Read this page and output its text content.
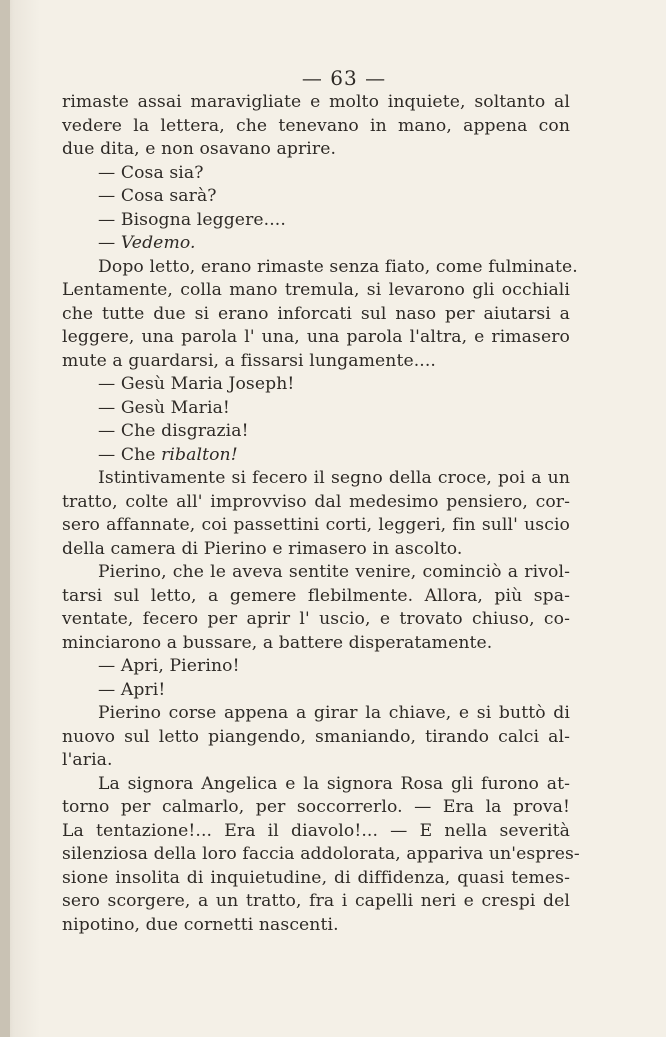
— 63 —
rimaste assai maravigliate e molto inquiete, soltanto al
vedere la lettera, che tenevano in mano, appena con
due dita, e non osavano aprire.
— Cosa sia?
— Cosa sarà?
— Bisogna leggere....
— Vedemo.
Dopo letto, erano rimaste senza fiato, come fulminate.
Lentamente, colla mano tremula, si levarono gli occhiali
che tutte due si erano inforcati sul naso per aiutarsi a
leggere, una parola l' una, una parola l'altra, e rimasero
mute a guardarsi, a fissarsi lungamente....
— Gesù Maria Joseph!
— Gesù Maria!
— Che disgrazia!
— Che ribalton!
Istintivamente si fecero il segno della croce, poi a un
tratto, colte all' improvviso dal medesimo pensiero, cor-
sero affannate, coi passettini corti, leggeri, fin sull' uscio
della camera di Pierino e rimasero in ascolto.
Pierino, che le aveva sentite venire, cominciò a rivol-
tarsi sul letto, a gemere flebilmente. Allora, più spa-
ventate, fecero per aprir l' uscio, e trovato chiuso, co-
minciarono a bussare, a battere disperatamente.
— Apri, Pierino!
— Apri!
Pierino corse appena a girar la chiave, e si buttò di
nuovo sul letto piangendo, smaniando, tirando calci al-
l'aria.
La signora Angelica e la signora Rosa gli furono at-
torno per calmarlo, per soccorrerlo. — Era la prova!
La tentazione!... Era il diavolo!... — E nella severità
silenziosa della loro faccia addolorata, appariva un'espres-
sione insolita di inquietudine, di diffidenza, quasi temes-
sero scorgere, a un tratto, fra i capelli neri e crespi del
nipotino, due cornetti nascenti.
